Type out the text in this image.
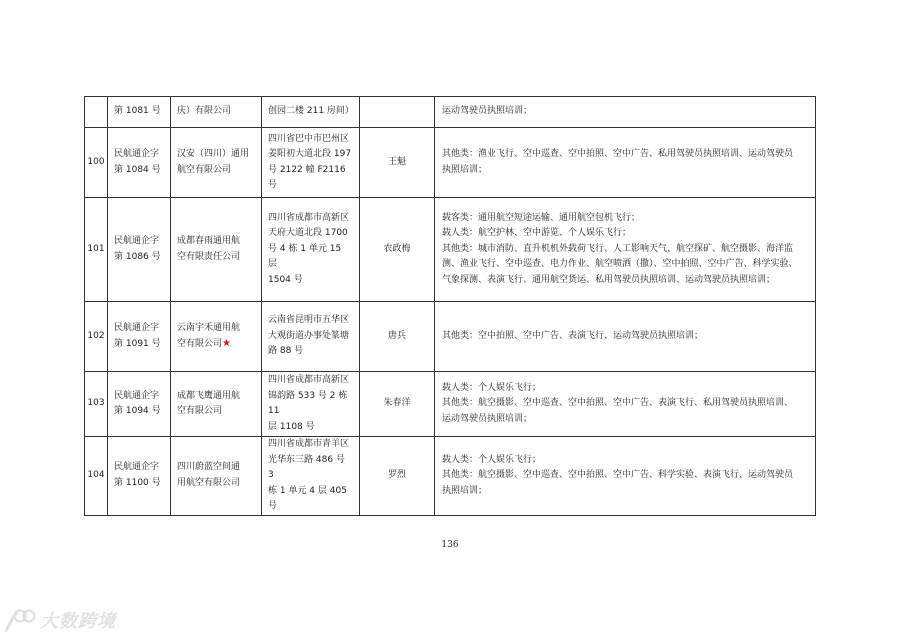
	第 1081 号	庆）有限公司	创园二楼 211 房间）		运动驾驶员执照培训；

100	民航通企字
第 1084 号	汉安（四川）通用
航空有限公司	四川省巴中市巴州区
姜阳初大道北段 197
号 2122 幢 F2116 号	王魁	其他类：渔业飞行、空中巡查、空中拍照、空中广告、私用驾驶员执照培训、运动驾驶员
执照培训；

101	民航通企字
第 1086 号	成都春雨通用航
空有限责任公司	四川省成都市高新区
天府大道北段 1700
号 4 栋 1 单元 15 层
1504 号	农政梅	载客类：通用航空短途运输、通用航空包机飞行；
载人类：航空护林、空中游览、个人娱乐飞行；
其他类：城市消防、直升机机外载荷飞行、人工影响天气、航空探矿、航空摄影、海洋监
测、渔业飞行、空中巡查、电力作业、航空喷洒（撒）、空中拍照、空中广告、科学实验、
气象探测、表演飞行、通用航空货运、私用驾驶员执照培训、运动驾驶员执照培训；

102	民航通企字
第 1091 号	云南宇禾通用航
空有限公司★	云南省昆明市五华区
大观街道办事处篆塘
路 88 号	唐兵	其他类：空中拍照、空中广告、表演飞行、运动驾驶员执照培训；

103	民航通企字
第 1094 号	成都飞鹰通用航
空有限公司	四川省成都市高新区
锦韵路 533 号 2 栋 11
层 1108 号	朱春洋	载人类：个人娱乐飞行；
其他类：航空摄影、空中巡查、空中拍照、空中广告、表演飞行、私用驾驶员执照培训、
运动驾驶员执照培训；

104	民航通企字
第 1100 号	四川蔚蓝空间通
用航空有限公司	四川省成都市青羊区
光华东三路 486 号 3
栋 1 单元 4 层 405 号	罗烈	载人类：个人娱乐飞行；
其他类：航空摄影、空中巡查、空中拍照、空中广告、科学实验、表演飞行、运动驾驶员
执照培训；
136
大数跨境
